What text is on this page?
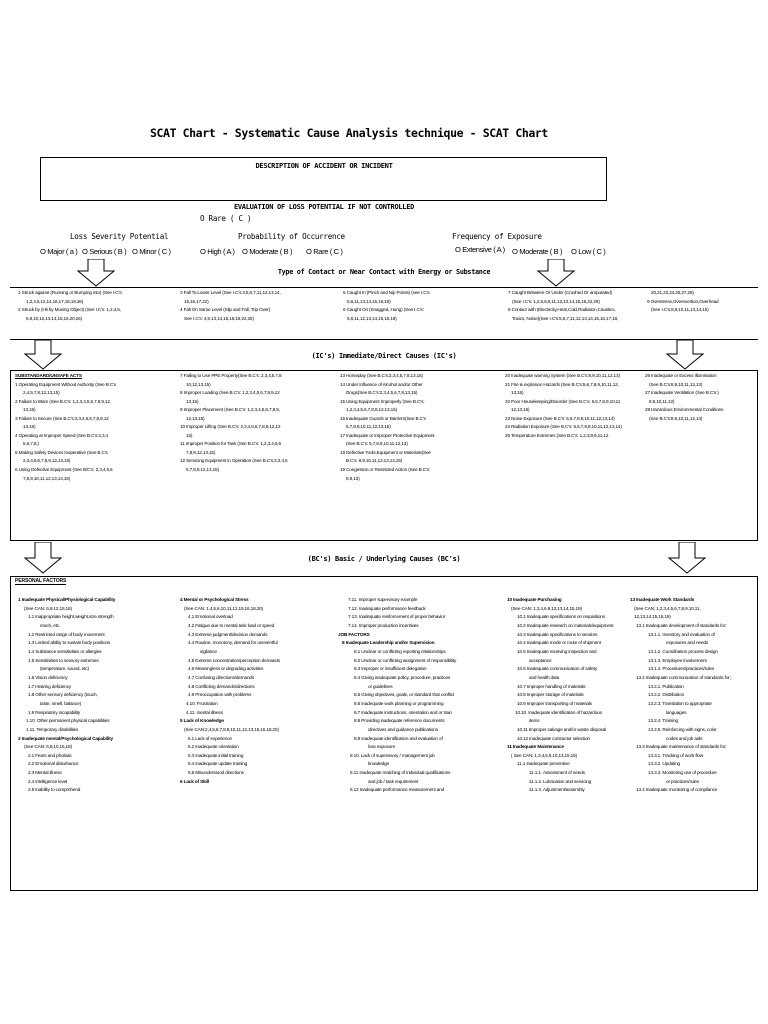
SCAT Chart - Systematic Cause Analysis technique - SCAT Chart
DESCRIPTION OF ACCIDENT OR INCIDENT
EVALUATION OF LOSS POTENTIAL IF NOT CONTROLLED
O Rare ( C )
Loss Severity Potential	Probability of Occurrence	Frequency of Exposure
O Major ( a ) O Serious ( B ) O Minor ( C )	O High ( A ) O Moderate ( B ) O Rare ( C )	O Extensive ( A ) O Moderate ( B ) O Low ( C )
Type of Contact or Near Contact with Energy or Substance
1 Struck against (Running or Bumping into) (See I.C's:
1,2,4,5,12,14,16,17,18,19,26)
2 Struck by (Hit by Moving Object) (See I.C's: 1,2,4,5,
6,9,10,12,13,14,15,16,20,26)
3 Fall To Lower Level (See I.C's:3,5,6,7,11,12,13,14,
15,16,17,22)
4 Fall On Same Level (Slip and Fall, Trip Over)
See I.C's: 4,9,13,14,15,16,19,22,26)
5 Caught In (Pinch and Nip Points) (see I.C's:
5,6,11,13,14,15,16,18)
6 Caught On (Snagged, Hung) (See I.C's:
5,6,11,12,13,14,15,16,18)
7 Caught Between Or Under (Crushed Or amputated)
(See I.C's: 1,2,5,6,9,11,12,13,14,15,16,22,28)
8 Contact with (Electricity,Heat,Cold,Radiation,Caustics,
Toxics, Noise)(See I.C's:5,6,7,11,12,13,14,15,16,17,18,
20,21,22,24,25,27,28)
9 Overstress,Overexertion,Overhead
(See I.C's:8,9,10,11,13,14,15)
(IC's) Immediate/Direct Causes (IC's)
SUBSTANDARD/UNSAFE ACTS
1 Operating Equipment Without Authority (See B.C's
2,4,5,7,8,12,13,15)
2 Failure to Warn (See B.C's: 1,2,3,4,5,6,7,8,9,12,
13,15)
3 Failure to Secure (See B.C's:2,3,4,5,6,7,8,9,12
13,15)
4 Operating at Improper Speed (See B.C's:2,3,4
5,6,7,8,)
5 Making Safety Devices Inoperative (See B.C's
2,3,4,5,6,7,8,9,12,13,15)
6 Using Defective Equipment (See B/C's: 2,3,4,5,6
7,8,9,10,11,12,13,14,15)
7 Failing to Use PPE Property(See B.C's: 2,3,4,5,7,8
10,12,13,15)
8 Improper Loading (See B.C's: 1,2,3,4,5,6,7,8,9,12
13,15)
9 Improper Placement (See B.C's: 1,2,3,4,5,6,7,8,9,
12,13,15)
10 Improper Lifting (See B.C's: 2,3,4,5,6,7,8,9,12,13
15)
11 Improper Position for Task (See B.C's: 1,2,3,4,5,6
7,8,9,12,13,15)
12 Servicing Equipment in Operation (See B.C's:2,3,4,5
6,7,8,9,12,13,15)
13 Horseplay (See B.C's:2,3,4,5,7,8,13,15)
14 Under Influence of Alcohol and/or Other
Drugs(See B.C's:2,3,4,5,6,7,8,13,15)
15 Using Equipment Improperly (See B.C's:
1,2,3,4,5,6,7,8,9,12,13,15)
16 Inadequate Guards or Barriers(See B.C's
5,7,8,9,10,11,12,13,15)
17 Inadequate or Improper Protective Equipment
(See B.C's: 5,7,8,9,10,11,12,13)
18 Defective Tools,Equipment or Materials(See
B.C's: 8,9,10,11,12,13,14,15)
19 Congestion or Restricted Action (See B.C's:
8,9,13)
20 Inadequate warning System (See B.C's:8,9,10,11,12,13)
21 Fire & explosion Hazards (See B.C's:5,6,7,8,9,10,11,12,
13,15)
22 Poor Housekeeping/Disorder (See B.C's: 5,6,7,8,9,10,11
12,13,15)
23 Noise Exposure (See B.C's: 5,6,7,8,9,10,11,12,13,14)
24 Radiation Exposure (See B.C's: 5,6,7,8,9,10,11,12,13,14)
25 Temperature Extremes (See B.C's: 1,2,3,8,9,11,12
26 Inadequate or Excess Illumination
(See B.C's:8,9,10,11,12,13)
27 Inadequate Ventilation (See B.C's:)
8,9,10,11,12)
28 Hazardous Environmental Conditions
(See B.C's:8,9,10,11,12,13)
(BC's) Basic / Underlying Causes (BC's)
PERSONAL FACTORS
1 Inadequate Physical/Physiological Capability
(See CAN: 6,9,12,15,18)
1.1 Inappropriate height,weight,size,strength
reach, etc.
1.2 Restricted range of body movement
1.3 Limited ability to sustain body positions
1.4 Substance sensitivities or allergies
1.5 Sensitivities to sensory extremes
(temperature, sound, etc)
1.6 Vision deficiency
1.7 Hearing deficiency
1.8 Other sensory deficiency (touch,
taste, smell, balance)
1.9 Respiratory incapability
1.10. Other permanent physical capabilities
1.11. Temporary disabilities
2 Inadequate mental/Psychological Capability
(See CAN: 6,9,10,15,18)
2.1 Fears and phobias
2.2 Emotional disturbance
2.3 Mental illness
2.4 Intelligence level
2.5 Inability to comprehend
4 Mental or Psychological Stress
(See CAN: 1,4,5,6,10,11,12,15,16,18,20)
4.1 Emotional overload
4.2 Fatigue due to mental task load or speed
4.3 Extreme judgment/decision demands
4.4 Routine, monotony, demand for uneventful
vigilance
4.5 Extreme concentration/perception demands
4.6 Meaningless or degrading activities
4.7 Confusing directions/demands
4.8 Conflicting demands/directions
4.9 Preoccupation with problems
4.10. Frustration
4.11. mental illness
5 Lack of Knowledge
(See CAN:2,4,5,6,7,8,9,10,11,12,13,15,16,18,20)
5.1 Lack of experience
5.2 Inadequate orientation
5.3 Inadequate initial training
5.4 Inadequate update training
5.5 Misunderstood directions
6 Lack of Skill
7.11. Improper supervisory example
7.12. Inadequate performance feedback
7.13. Inadequate reinforcement of proper behavior
7.14. Improper production incentives
JOB FACTORS
8 Inadequate Leadership and/or Supervision
8.1 Unclear or conflicting reporting relationships
8.2 Unclear or conflicting assignment of responsibility
8.3 Improper or insufficient delegation
8.4 Giving inadequate policy, procedure, practices
or guidelines
8.5 Giving objectives, goals, or standard that conflict
8.6 Inadequate work planning or programming
8.7 Inadequate instructions, orientation and or train
8.8 Providing inadequate reference documents
directives and guidance publications
8.9 Inadequate identification and evaluation of
loss exposure
8.10. Lack of supervisory / management job
knowledge
8.11 Inadequate matching of individual qualifications
and job / task requirement
8.12 Inadequate performance measurement and
10 Inadequate Purchasing
(See CAN: 1,3,4,6,9,12,13,14,15,19)
10.1 Inadequate specifications on requisitions
10.2 Inadequate research on materials/equipment
10.3 Inadequate specifications to vendors
10.4 Inadequate mode or route of shipment
10.5 Inadequate receiving inspection and
acceptance
10.6 Inadequate communication of safety
and health data
10.7 Improper handling of materials
10.8 Improper storage of materials
10.9 Improper transporting of materials
10.10. Inadequate identification of hazardous
items
10.11 Improper salvage and/or waste disposal
10.12 Inadequate contractor selection
11 Inadequate Maintenance
( See CAN: 1,3,4,5,9,10,13,15,19)
11.1 Inadequate preventive
11.1.1. Assessment of needs
11.1.2. Lubrication and servicing
11.1.3. Adjustment/assembly
13 Inadequate Work Standards
(See CAN: 1,2,3,4,5,6,7,8,9,10,11,
12,13,14,15,16,19)
13.1 Inadequate development of standards for;
13.1.1. Inventory and evaluation of
exposures and needs
13.1.2. Coordination process design
13.1.3. Employee involvement
13.1.4. Procedures/practices/rules
13.2 Inadequate communication of standards for;
13.2.1. Publication
13.2.2. Distribution
13.2.3. Translation to appropriate
languages
13.2.4. Training
13.2.5. Reinforcing with signs, color
codes and job aids
13.3 Inadequate maintenance of standards for;
13.3.1. Tracking of work flow
13.3.2. Updating
13.3.3. Monitoring use of procedure
or practices/rules
13.4 Inadequate monitoring of compliance
